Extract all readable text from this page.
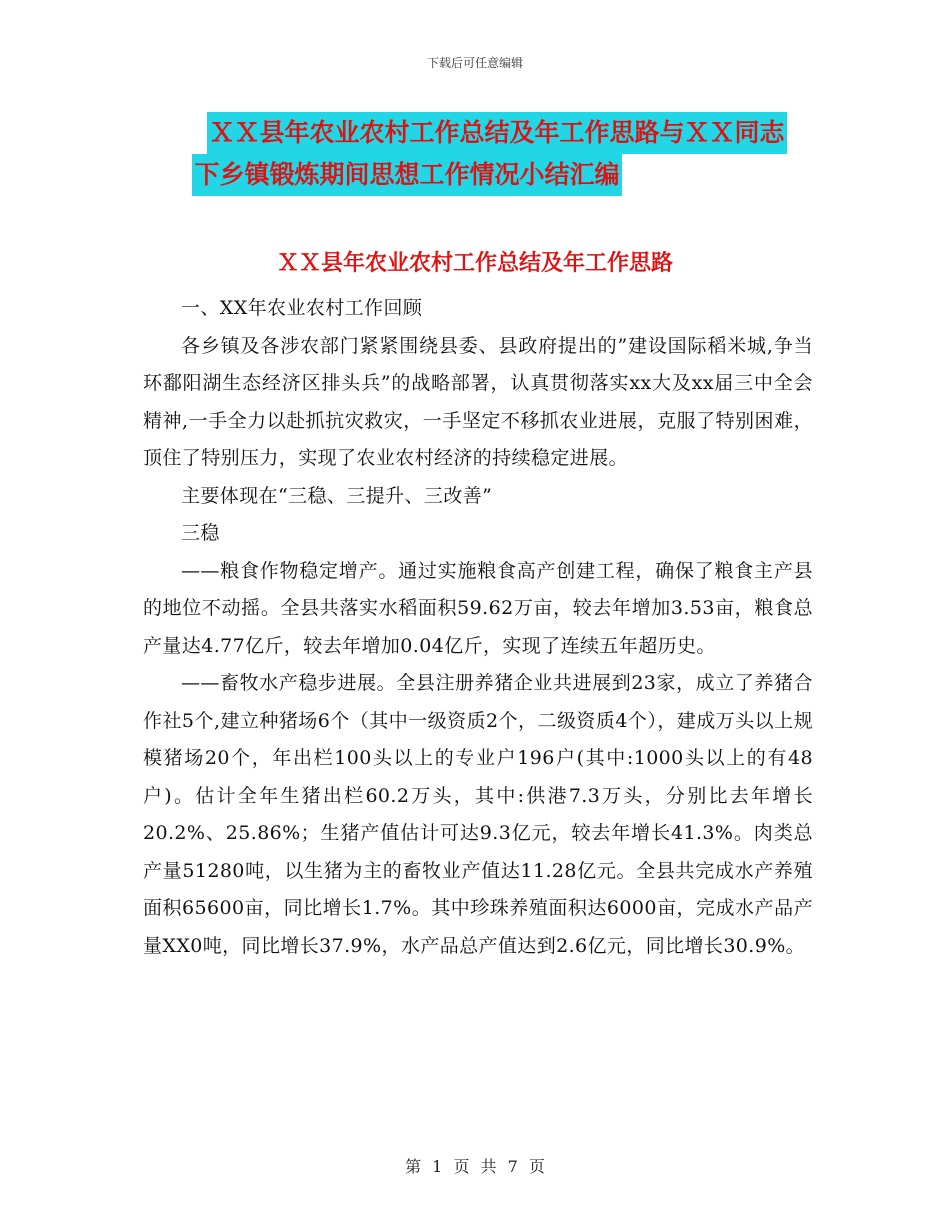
下载后可任意编辑
ＸＸ县年农业农村工作总结及年工作思路与ＸＸ同志
下乡镇锻炼期间思想工作情况小结汇编
ＸＸ县年农业农村工作总结及年工作思路

一、XX年农业农村工作回顾

各乡镇及各涉农部门紧紧围绕县委、县政府提出的”建设国际稻米城,争当环鄱阳湖生态经济区排头兵”的战略部署，认真贯彻落实xx大及xx届三中全会精神,一手全力以赴抓抗灾救灾，一手坚定不移抓农业进展，克服了特别困难，顶住了特别压力，实现了农业农村经济的持续稳定进展。

主要体现在“三稳、三提升、三改善”

三稳

——粮食作物稳定增产。通过实施粮食高产创建工程，确保了粮食主产县的地位不动摇。全县共落实水稻面积59.62万亩，较去年增加3.53亩，粮食总产量达4.77亿斤，较去年增加0.04亿斤，实现了连续五年超历史。

——畜牧水产稳步进展。全县注册养猪企业共进展到23家，成立了养猪合作社5个,建立种猪场6个（其中一级资质2个，二级资质4个），建成万头以上规模猪场20个，年出栏100头以上的专业户196户(其中:1000头以上的有48户)。估计全年生猪出栏60.2万头，其中:供港7.3万头，分别比去年增长20.2%、25.86%；生猪产值估计可达9.3亿元，较去年增长41.3%。肉类总产量51280吨，以生猪为主的畜牧业产值达11.28亿元。全县共完成水产养殖面积65600亩，同比增长1.7%。其中珍珠养殖面积达6000亩，完成水产品产量XX0吨，同比增长37.9%，水产品总产值达到2.6亿元，同比增长30.9%。

第 1 页 共 7 页
